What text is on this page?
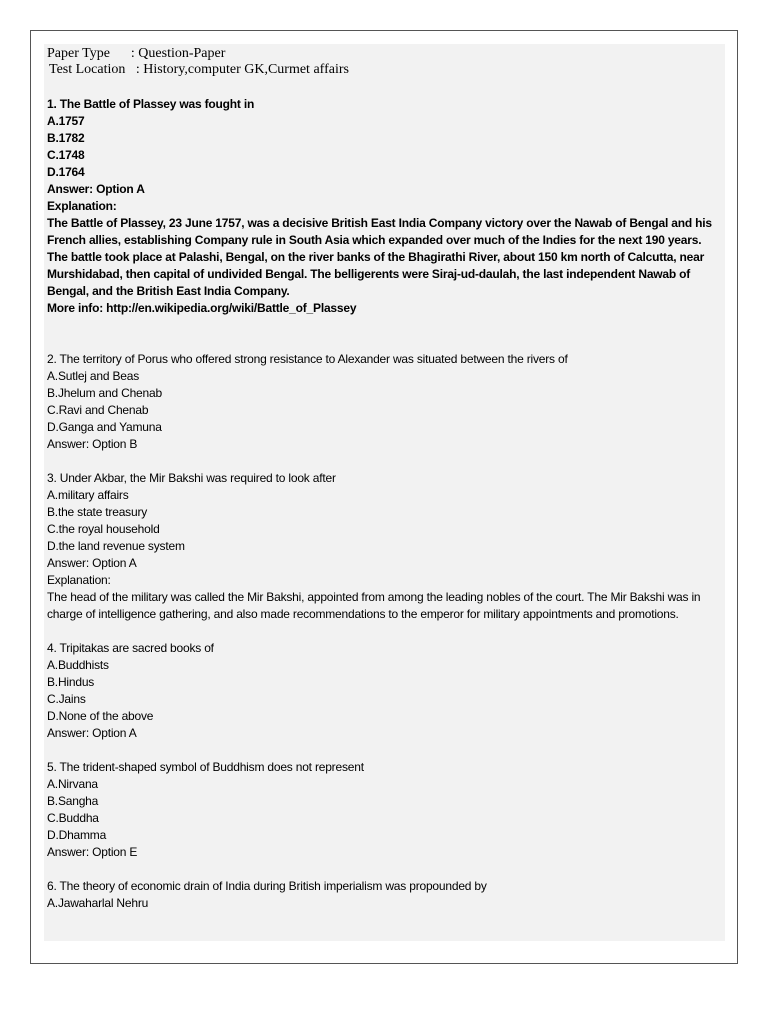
Paper Type      : Question-Paper
Test Location   : History,computer GK,Curmet affairs
1. The Battle of Plassey was fought in
A.1757
B.1782
C.1748
D.1764
Answer: Option A
Explanation:
The Battle of Plassey, 23 June 1757, was a decisive British East India Company victory over the Nawab of Bengal and his French allies, establishing Company rule in South Asia which expanded over much of the Indies for the next 190 years. The battle took place at Palashi, Bengal, on the river banks of the Bhagirathi River, about 150 km north of Calcutta, near Murshidabad, then capital of undivided Bengal. The belligerents were Siraj-ud-daulah, the last independent Nawab of Bengal, and the British East India Company.
More info: http://en.wikipedia.org/wiki/Battle_of_Plassey
2. The territory of Porus who offered strong resistance to Alexander was situated between the rivers of
A.Sutlej and Beas
B.Jhelum and Chenab
C.Ravi and Chenab
D.Ganga and Yamuna
Answer: Option B
3. Under Akbar, the Mir Bakshi was required to look after
A.military affairs
B.the state treasury
C.the royal household
D.the land revenue system
Answer: Option A
Explanation:
The head of the military was called the Mir Bakshi, appointed from among the leading nobles of the court. The Mir Bakshi was in charge of intelligence gathering, and also made recommendations to the emperor for military appointments and promotions.
4. Tripitakas are sacred books of
A.Buddhists
B.Hindus
C.Jains
D.None of the above
Answer: Option A
5. The trident-shaped symbol of Buddhism does not represent
A.Nirvana
B.Sangha
C.Buddha
D.Dhamma
Answer: Option E
6. The theory of economic drain of India during British imperialism was propounded by
A.Jawaharlal Nehru
